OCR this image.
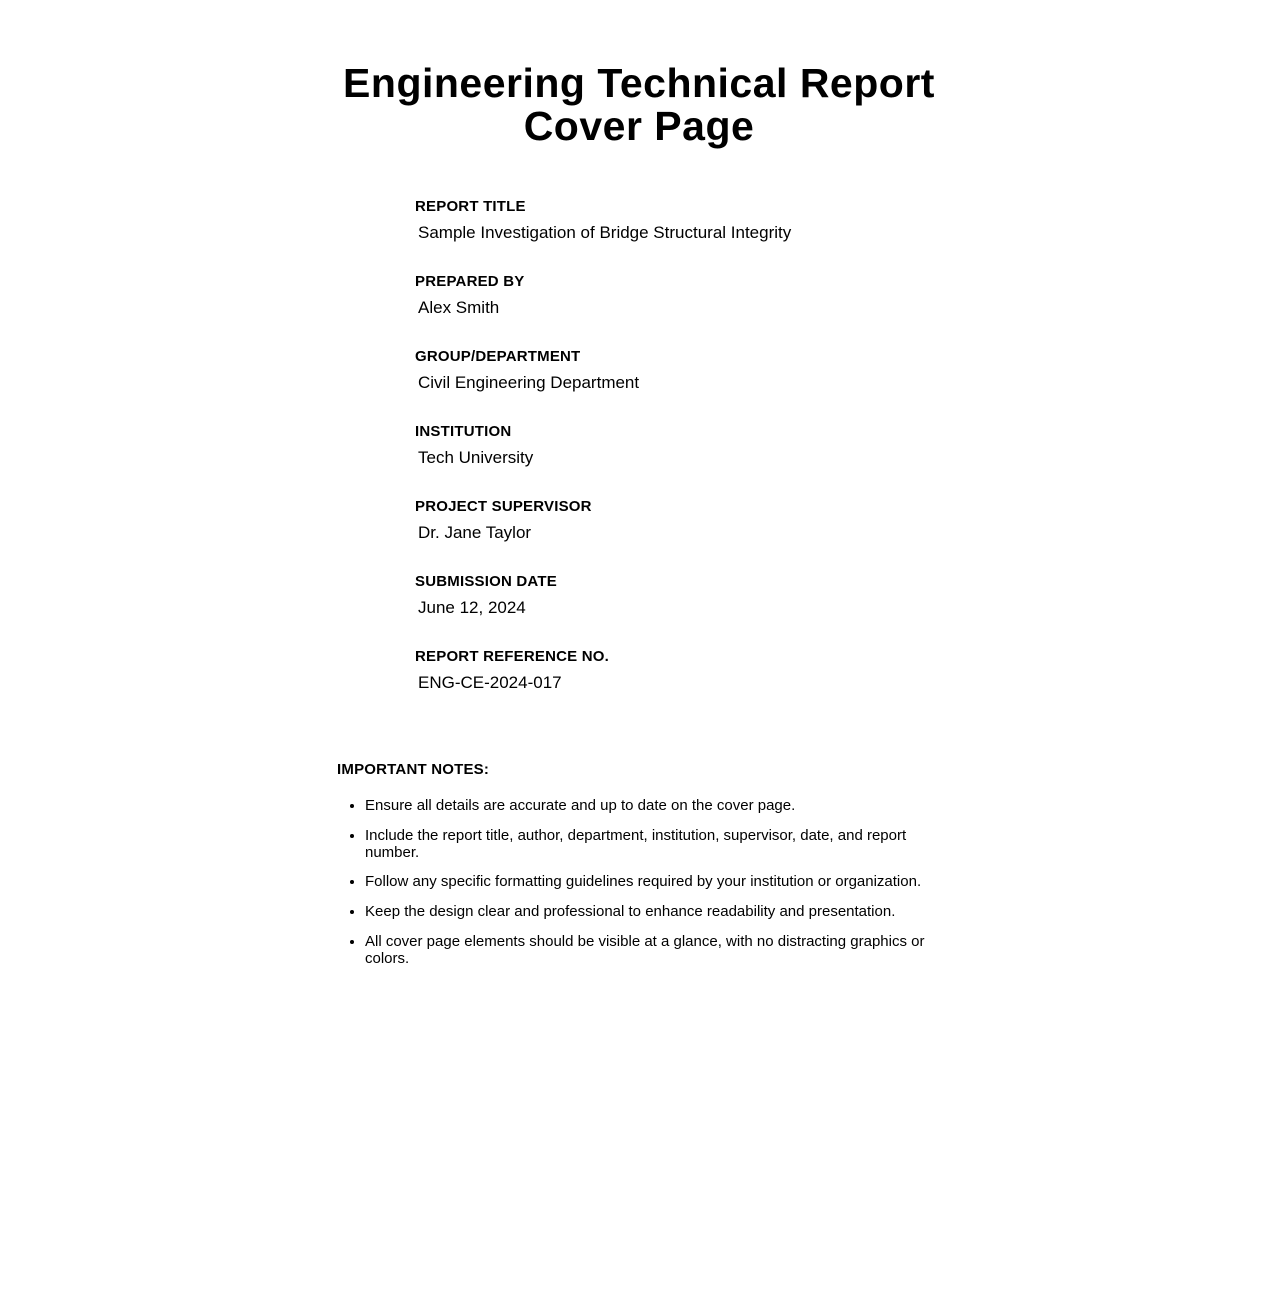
Engineering Technical Report
Cover Page
REPORT TITLE
Sample Investigation of Bridge Structural Integrity
PREPARED BY
Alex Smith
GROUP/DEPARTMENT
Civil Engineering Department
INSTITUTION
Tech University
PROJECT SUPERVISOR
Dr. Jane Taylor
SUBMISSION DATE
June 12, 2024
REPORT REFERENCE NO.
ENG-CE-2024-017
IMPORTANT NOTES:
• Ensure all details are accurate and up to date on the cover page.
• Include the report title, author, department, institution, supervisor, date, and report number.
• Follow any specific formatting guidelines required by your institution or organization.
• Keep the design clear and professional to enhance readability and presentation.
• All cover page elements should be visible at a glance, with no distracting graphics or colors.
